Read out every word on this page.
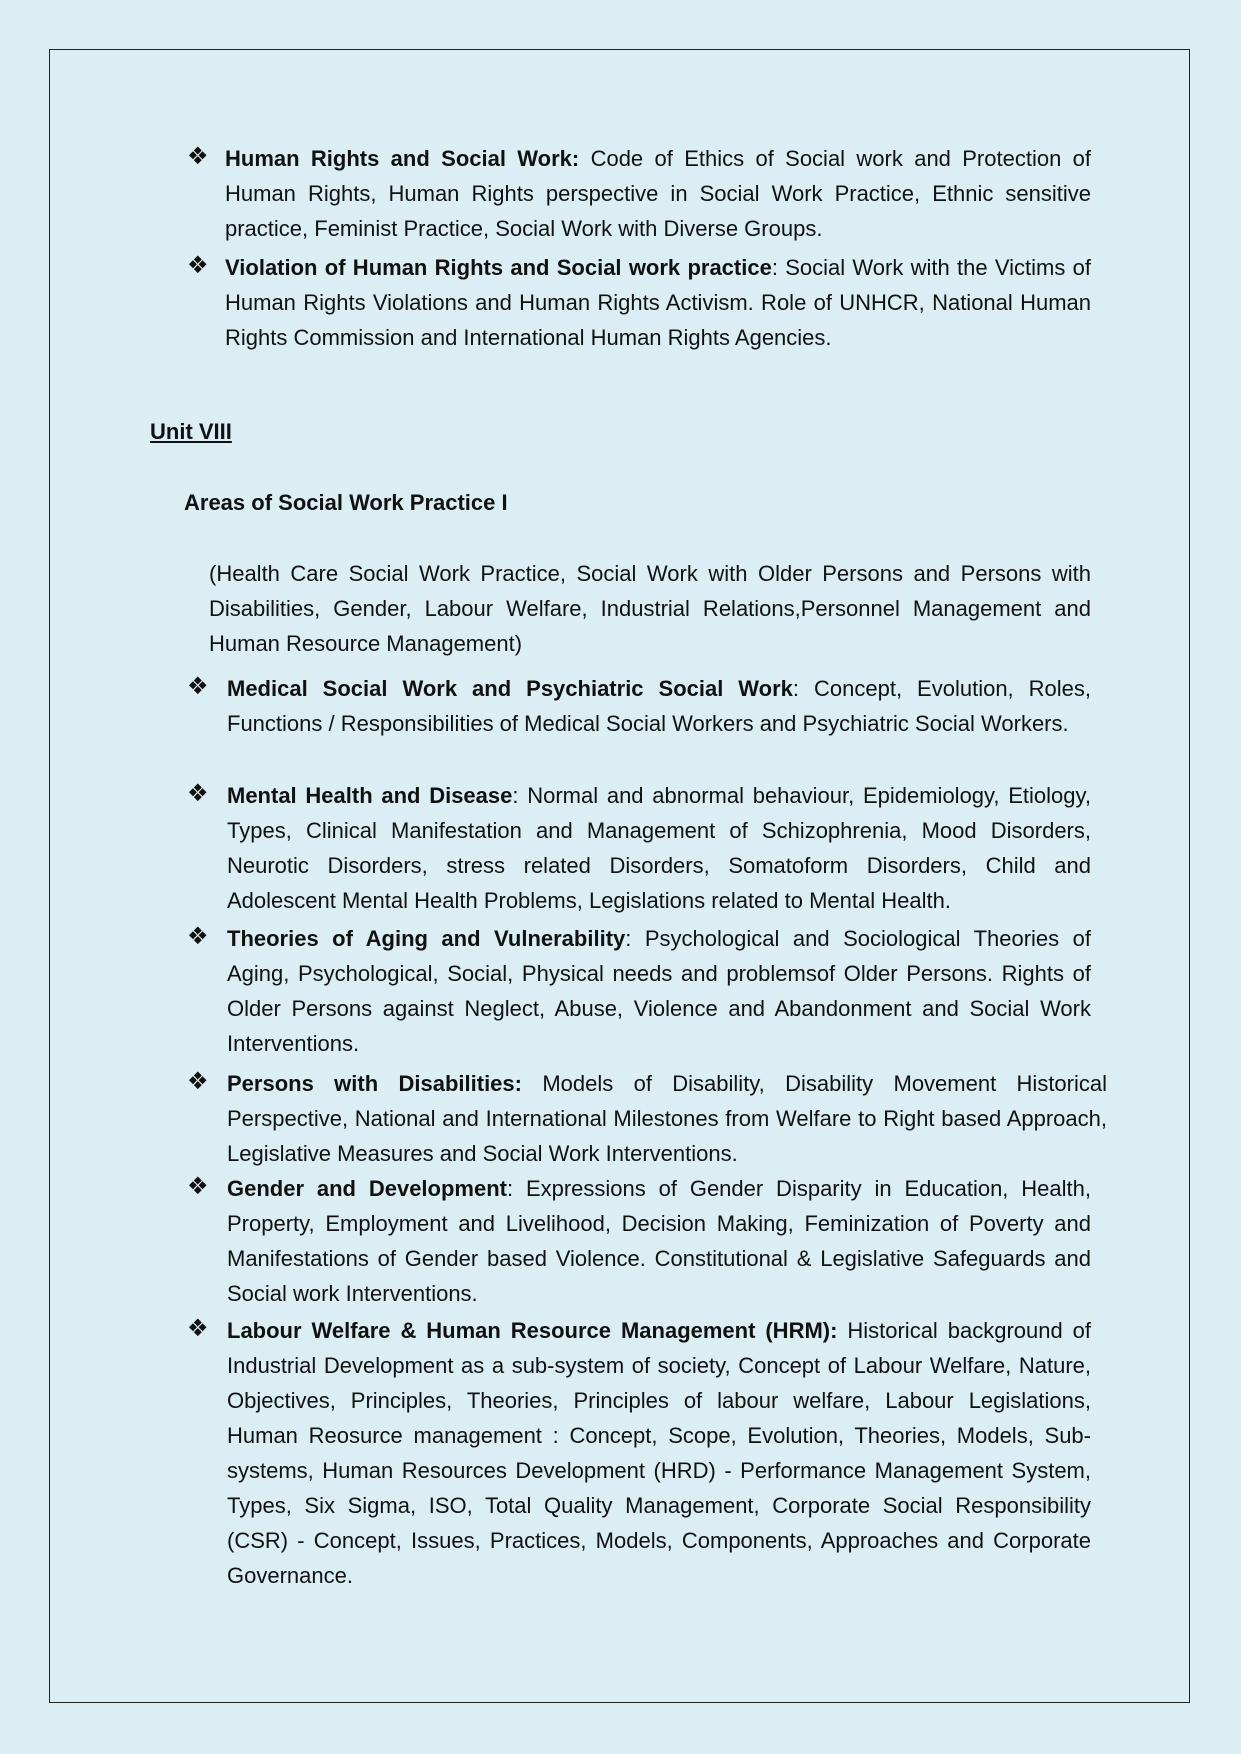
❖ Human Rights and Social Work: Code of Ethics of Social work and Protection of Human Rights, Human Rights perspective in Social Work Practice, Ethnic sensitive practice, Feminist Practice, Social Work with Diverse Groups.

❖ Violation of Human Rights and Social work practice: Social Work with the Victims of Human Rights Violations and Human Rights Activism. Role of UNHCR, National Human Rights Commission and International Human Rights Agencies.

Unit VIII
Areas of Social Work Practice I

(Health Care Social Work Practice, Social Work with Older Persons and Persons with Disabilities, Gender, Labour Welfare, Industrial Relations,Personnel Management and Human Resource Management)

❖ Medical Social Work and Psychiatric Social Work: Concept, Evolution, Roles, Functions / Responsibilities of Medical Social Workers and Psychiatric Social Workers.

❖ Mental Health and Disease: Normal and abnormal behaviour, Epidemiology, Etiology, Types, Clinical Manifestation and Management of Schizophrenia, Mood Disorders, Neurotic Disorders, stress related Disorders, Somatoform Disorders, Child and Adolescent Mental Health Problems, Legislations related to Mental Health.

❖ Theories of Aging and Vulnerability: Psychological and Sociological Theories of Aging, Psychological, Social, Physical needs and problemsof Older Persons. Rights of Older Persons against Neglect, Abuse, Violence and Abandonment and Social Work Interventions.

❖ Persons with Disabilities: Models of Disability, Disability Movement Historical Perspective, National and International Milestones from Welfare to Right based Approach, Legislative Measures and Social Work Interventions.

❖ Gender and Development: Expressions of Gender Disparity in Education, Health, Property, Employment and Livelihood, Decision Making, Feminization of Poverty and Manifestations of Gender based Violence. Constitutional & Legislative Safeguards and Social work Interventions.

❖ Labour Welfare & Human Resource Management (HRM): Historical background of Industrial Development as a sub-system of society, Concept of Labour Welfare, Nature, Objectives, Principles, Theories, Principles of labour welfare, Labour Legislations, Human Reosurce management : Concept, Scope, Evolution, Theories, Models, Sub-systems, Human Resources Development (HRD) - Performance Management System, Types, Six Sigma, ISO, Total Quality Management, Corporate Social Responsibility (CSR) - Concept, Issues, Practices, Models, Components, Approaches and Corporate Governance.
